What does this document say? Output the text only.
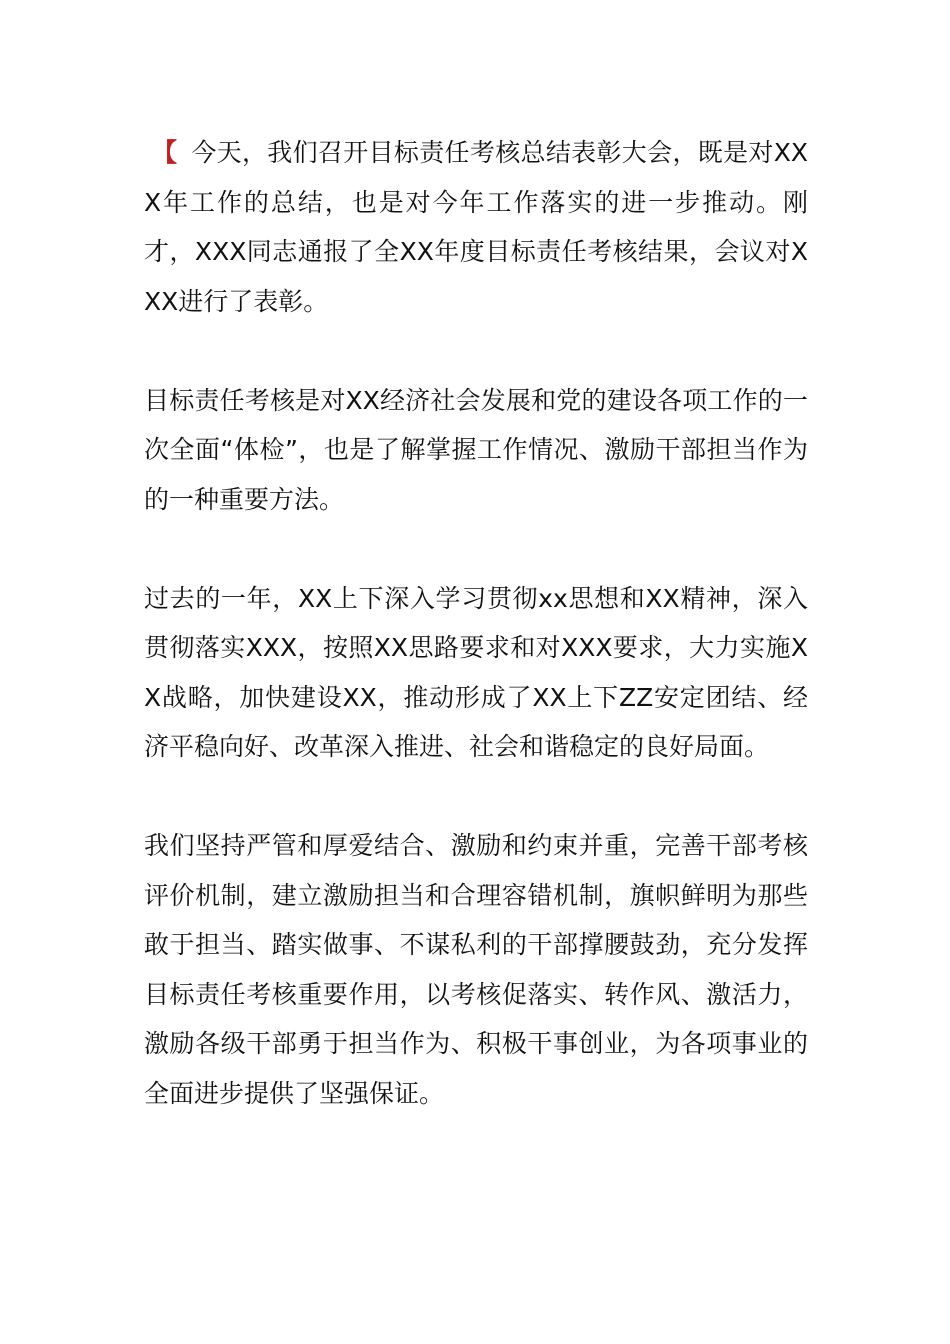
【 今天，我们召开目标责任考核总结表彰大会，既是对XXX年工作的总结，也是对今年工作落实的进一步推动。刚才，XXX同志通报了全XX年度目标责任考核结果，会议对XXX进行了表彰。

目标责任考核是对XX经济社会发展和党的建设各项工作的一次全面“体检”，也是了解掌握工作情况、激励干部担当作为的一种重要方法。

过去的一年，XX上下深入学习贯彻xx思想和XX精神，深入贯彻落实XXX，按照XX思路要求和对XXX要求，大力实施XX战略，加快建设XX，推动形成了XX上下ZZ安定团结、经济平稳向好、改革深入推进、社会和谐稳定的良好局面。

我们坚持严管和厚爱结合、激励和约束并重，完善干部考核评价机制，建立激励担当和合理容错机制，旗帜鲜明为那些敢于担当、踏实做事、不谋私利的干部撑腰鼓劲，充分发挥目标责任考核重要作用，以考核促落实、转作风、激活力，激励各级干部勇于担当作为、积极干事创业，为各项事业的全面进步提供了坚强保证。
